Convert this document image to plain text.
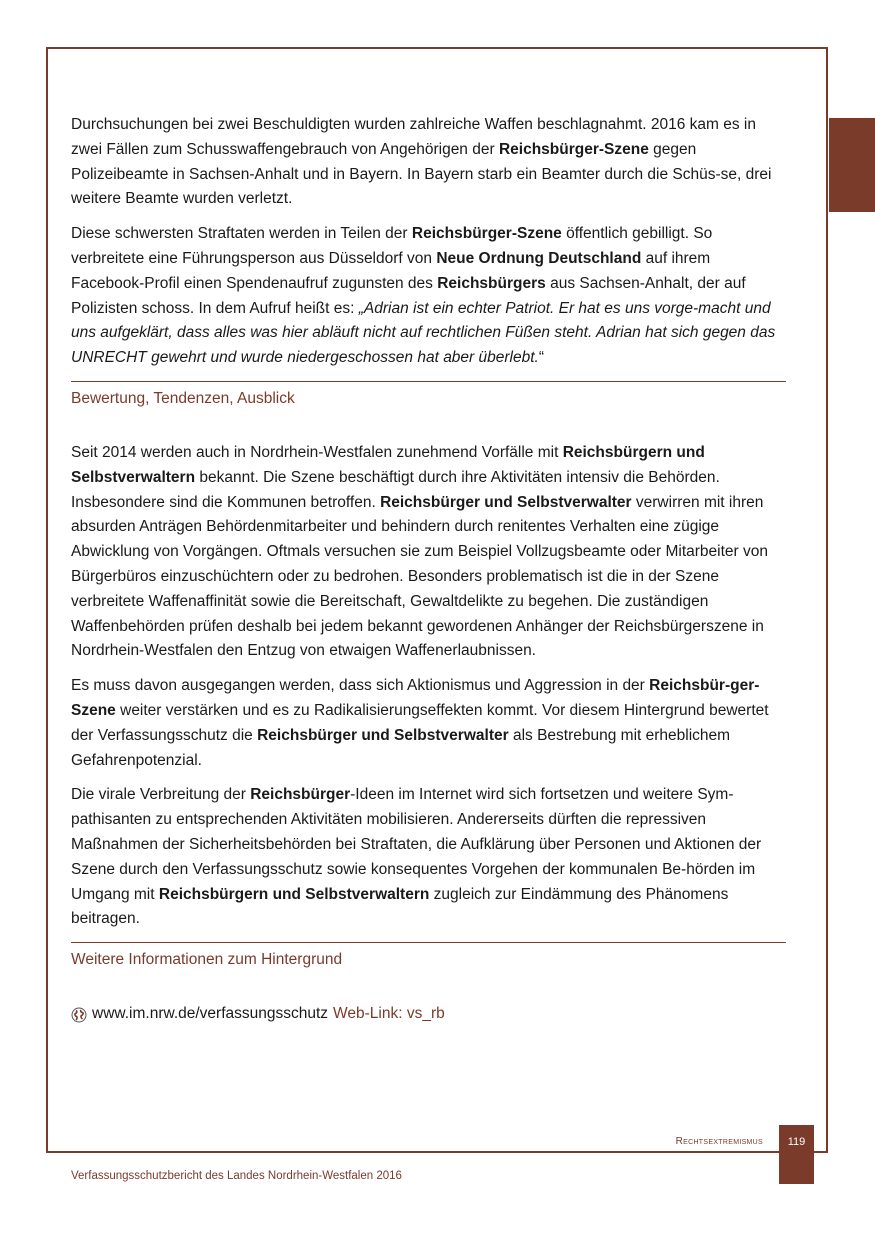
Durchsuchungen bei zwei Beschuldigten wurden zahlreiche Waffen beschlagnahmt. 2016 kam es in zwei Fällen zum Schusswaffengebrauch von Angehörigen der Reichsbürger-Szene gegen Polizeibeamte in Sachsen-Anhalt und in Bayern. In Bayern starb ein Beamter durch die Schüs-se, drei weitere Beamte wurden verletzt.

Diese schwersten Straftaten werden in Teilen der Reichsbürger-Szene öffentlich gebilligt. So verbreitete eine Führungsperson aus Düsseldorf von Neue Ordnung Deutschland auf ihrem Facebook-Profil einen Spendenaufruf zugunsten des Reichsbürgers aus Sachsen-Anhalt, der auf Polizisten schoss. In dem Aufruf heißt es: „Adrian ist ein echter Patriot. Er hat es uns vorge-macht und uns aufgeklärt, dass alles was hier abläuft nicht auf rechtlichen Füßen steht. Adrian hat sich gegen das UNRECHT gewehrt und wurde niedergeschossen hat aber überlebt.“

Bewertung, Tendenzen, Ausblick

Seit 2014 werden auch in Nordrhein-Westfalen zunehmend Vorfälle mit Reichsbürgern und Selbstverwaltern bekannt. Die Szene beschäftigt durch ihre Aktivitäten intensiv die Behörden. Insbesondere sind die Kommunen betroffen. Reichsbürger und Selbstverwalter verwirren mit ihren absurden Anträgen Behördenmitarbeiter und behindern durch renitentes Verhalten eine zügige Abwicklung von Vorgängen. Oftmals versuchen sie zum Beispiel Vollzugsbeamte oder Mitarbeiter von Bürgerbüros einzuschüchtern oder zu bedrohen. Besonders problematisch ist die in der Szene verbreitete Waffenaffinität sowie die Bereitschaft, Gewaltdelikte zu begehen. Die zuständigen Waffenbehörden prüfen deshalb bei jedem bekannt gewordenen Anhänger der Reichsbürgerszene in Nordrhein-Westfalen den Entzug von etwaigen Waffenerlaubnissen.

Es muss davon ausgegangen werden, dass sich Aktionismus und Aggression in der Reichsbür-ger-Szene weiter verstärken und es zu Radikalisierungseffekten kommt. Vor diesem Hintergrund bewertet der Verfassungsschutz die Reichsbürger und Selbstverwalter als Bestrebung mit erheblichem Gefahrenpotenzial.

Die virale Verbreitung der Reichsbürger-Ideen im Internet wird sich fortsetzen und weitere Sym-pathisanten zu entsprechenden Aktivitäten mobilisieren. Andererseits dürften die repressiven Maßnahmen der Sicherheitsbehörden bei Straftaten, die Aufklärung über Personen und Aktionen der Szene durch den Verfassungsschutz sowie konsequentes Vorgehen der kommunalen Be-hörden im Umgang mit Reichsbürgern und Selbstverwaltern zugleich zur Eindämmung des Phänomens beitragen.

Weitere Informationen zum Hintergrund
www.im.nrw.de/verfassungsschutz Web-Link: vs_rb
Rechtsextremismus	119
Verfassungsschutzbericht des Landes Nordrhein-Westfalen 2016
